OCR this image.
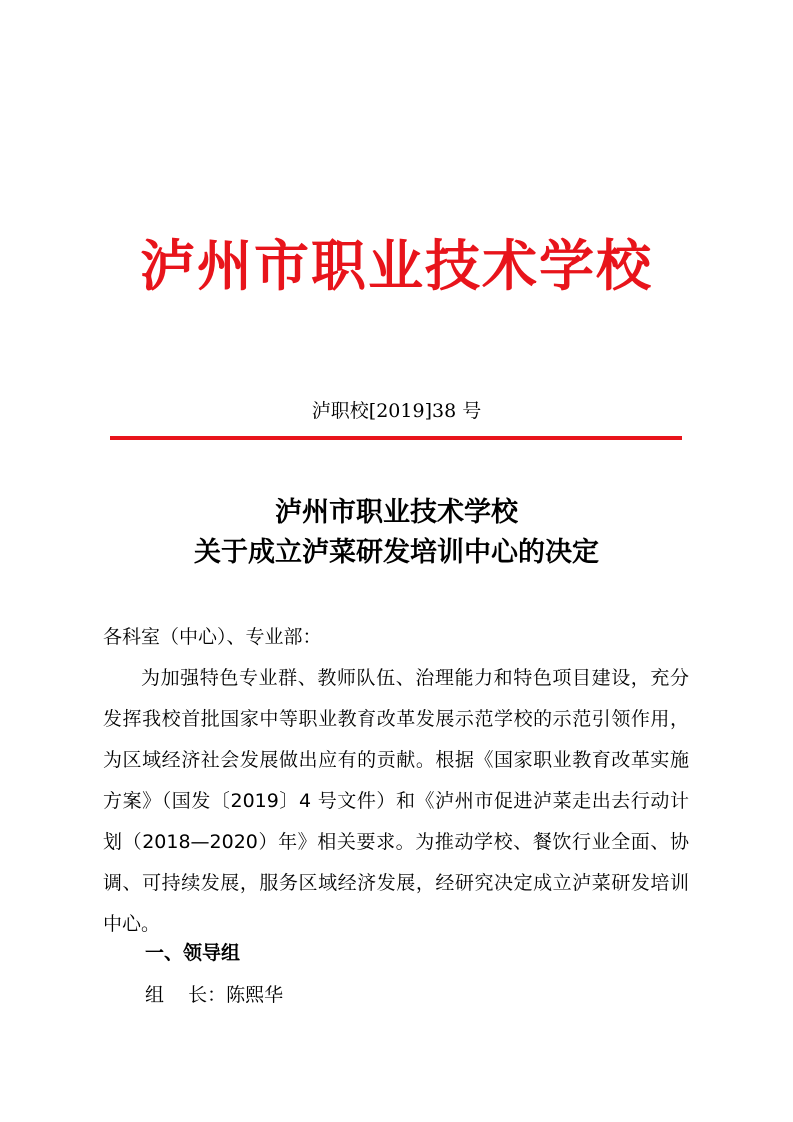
泸州市职业技术学校
泸职校[2019]38 号
泸州市职业技术学校
关于成立泸菜研发培训中心的决定
各科室（中心）、专业部：
为加强特色专业群、教师队伍、治理能力和特色项目建设，充分发挥我校首批国家中等职业教育改革发展示范学校的示范引领作用，为区域经济社会发展做出应有的贡献。根据《国家职业教育改革实施方案》（国发〔2019〕4 号文件）和《泸州市促进泸菜走出去行动计划（2018—2020）年》相关要求。为推动学校、餐饮行业全面、协调、可持续发展，服务区域经济发展，经研究决定成立泸菜研发培训中心。
一、领导组
组    长：陈熙华
